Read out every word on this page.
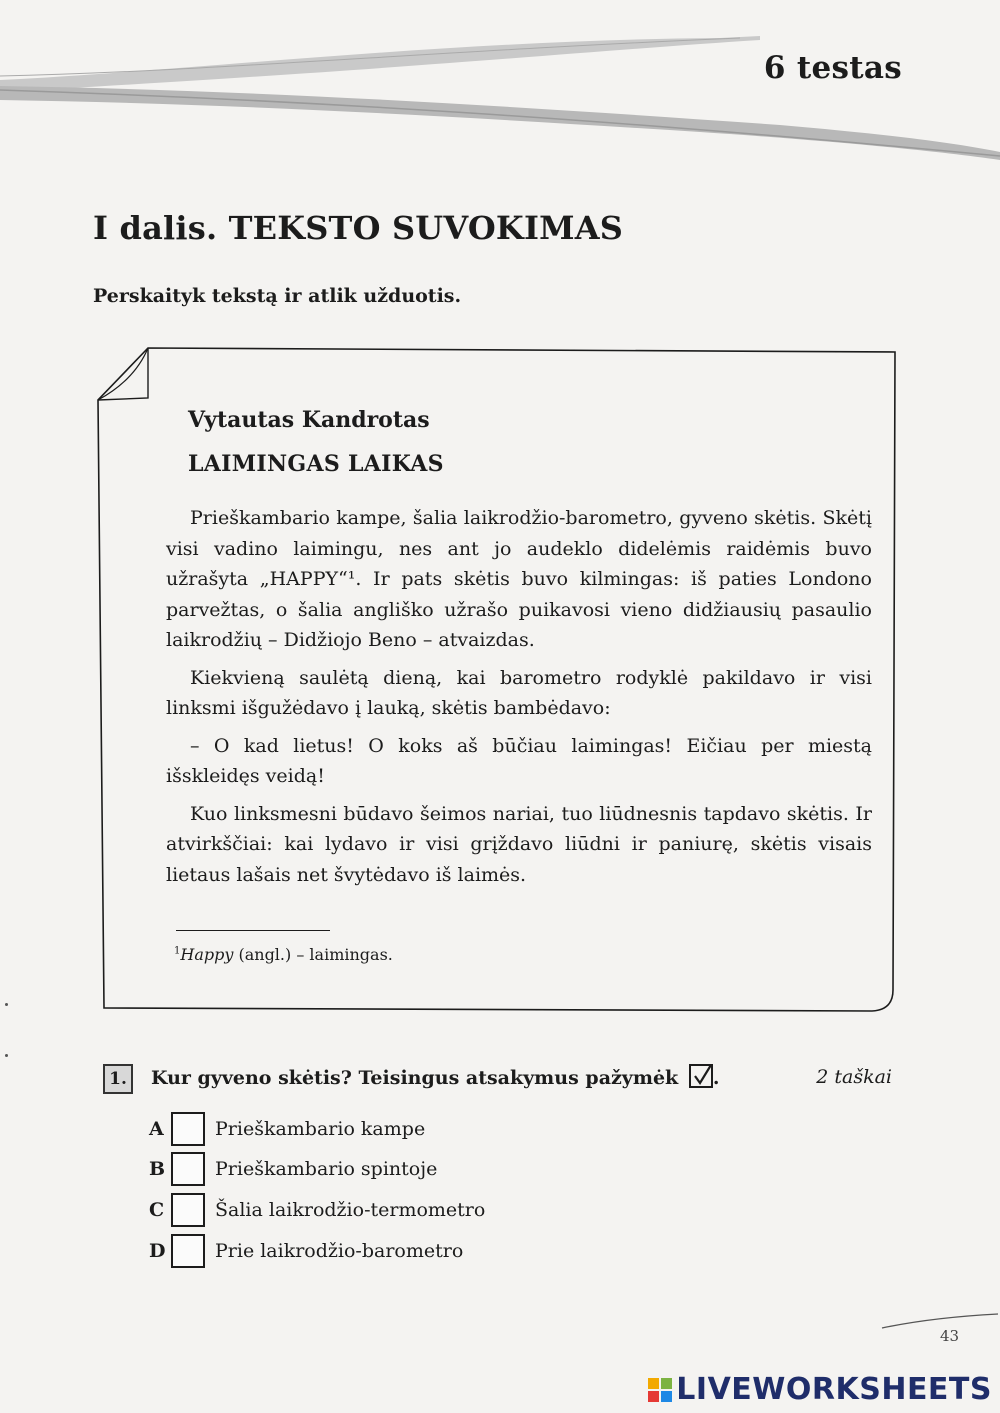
6 testas
I dalis. TEKSTO SUVOKIMAS
Perskaityk tekstą ir atlik užduotis.
Vytautas Kandrotas
LAIMINGAS LAIKAS

Prieškambario kampe, šalia laikrodžio-barometro, gyveno skėtis. Skėtį visi vadino laimingu, nes ant jo audeklo didelėmis raidėmis buvo užrašyta „HAPPY“¹. Ir pats skėtis buvo kilmingas: iš paties Londono parvežtas, o šalia angliško užrašo puikavosi vieno didžiausių pasaulio laikrodžių – Didžiojo Beno – atvaizdas.

Kiekvieną saulėtą dieną, kai barometro rodyklė pakildavo ir visi linksmi išgužėdavo į lauką, skėtis bambėdavo:

– O kad lietus! O koks aš būčiau laimingas! Eičiau per miestą išskleidęs veidą!

Kuo linksmesni būdavo šeimos nariai, tuo liūdnesnis tapdavo skėtis. Ir atvirkščiai: kai lydavo ir visi grįždavo liūdni ir paniurę, skėtis visais lietaus lašais net švytėdavo iš laimės.

$^1$Happy (angl.) – laimingas.
1.	Kur gyveno skėtis? Teisingus atsakymus pažymėk .	2 taškai
A	Prieškambario kampe
B	Prieškambario spintoje
C	Šalia laikrodžio-termometro
D	Prie laikrodžio-barometro
43
LIVEWORKSHEETS
